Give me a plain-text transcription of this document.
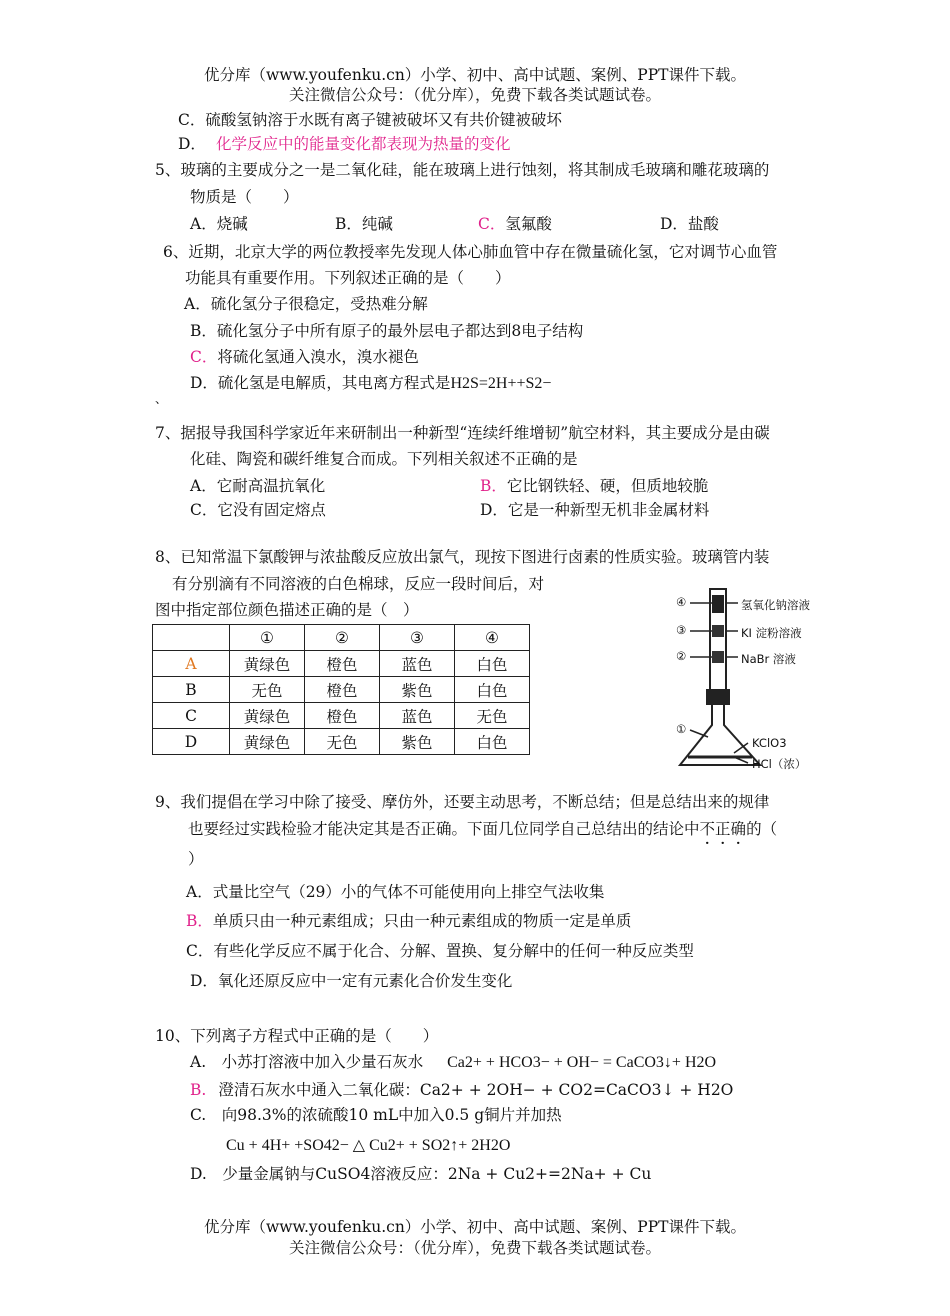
优分库（www.youfenku.cn）小学、初中、高中试题、案例、PPT课件下载。
关注微信公众号：（优分库），免费下载各类试题试卷。
C．硫酸氢钠溶于水既有离子键被破坏又有共价键被破坏
D． 化学反应中的能量变化都表现为热量的变化
5、玻璃的主要成分之一是二氧化硅，能在玻璃上进行蚀刻，将其制成毛玻璃和雕花玻璃的
物质是（　　）
A．烧碱	B．纯碱	C．氢氟酸	D．盐酸
6、近期，北京大学的两位教授率先发现人体心肺血管中存在微量硫化氢，它对调节心血管
功能具有重要作用。下列叙述正确的是（　　）
A．硫化氢分子很稳定，受热难分解
B．硫化氢分子中所有原子的最外层电子都达到8电子结构
C．将硫化氢通入溴水，溴水褪色
D．硫化氢是电解质，其电离方程式是H2S=2H++S2−
、
7、据报导我国科学家近年来研制出一种新型“连续纤维增韧”航空材料，其主要成分是由碳
化硅、陶瓷和碳纤维复合而成。下列相关叙述不正确的是
A．它耐高温抗氧化	B．它比钢铁轻、硬，但质地较脆
C．它没有固定熔点	D．它是一种新型无机非金属材料
8、已知常温下氯酸钾与浓盐酸反应放出氯气，现按下图进行卤素的性质实验。玻璃管内装
有分别滴有不同溶液的白色棉球，反应一段时间后，对
图中指定部位颜色描述正确的是（　）
	①	②	③	④
A	黄绿色	橙色	蓝色	白色
B	无色	橙色	紫色	白色
C	黄绿色	橙色	蓝色	无色
D	黄绿色	无色	紫色	白色
④	氢氧化钠溶液
③	KI 淀粉溶液
②	NaBr 溶液
①
KClO3
HCl（浓）
9、我们提倡在学习中除了接受、摩仿外，还要主动思考，不断总结；但是总结出来的规律
也要经过实践检验才能决定其是否正确。下面几位同学自己总结出的结论中不正确的（
）
A．式量比空气（29）小的气体不可能使用向上排空气法收集
B．单质只由一种元素组成；只由一种元素组成的物质一定是单质
C．有些化学反应不属于化合、分解、置换、复分解中的任何一种反应类型
D．氧化还原反应中一定有元素化合价发生变化
10、下列离子方程式中正确的是（　　）
A.　小苏打溶液中加入少量石灰水 Ca2+ + HCO3− + OH− = CaCO3↓+ H2O
B. 澄清石灰水中通入二氧化碳：Ca2+ + 2OH− + CO2=CaCO3↓ + H2O
C.　向98.3%的浓硫酸10 mL中加入0.5 g铜片并加热
Cu + 4H+ +SO42− △ Cu2+ + SO2↑+ 2H2O
D.　少量金属钠与CuSO4溶液反应：2Na + Cu2+=2Na+ + Cu
优分库（www.youfenku.cn）小学、初中、高中试题、案例、PPT课件下载。
关注微信公众号：（优分库），免费下载各类试题试卷。
